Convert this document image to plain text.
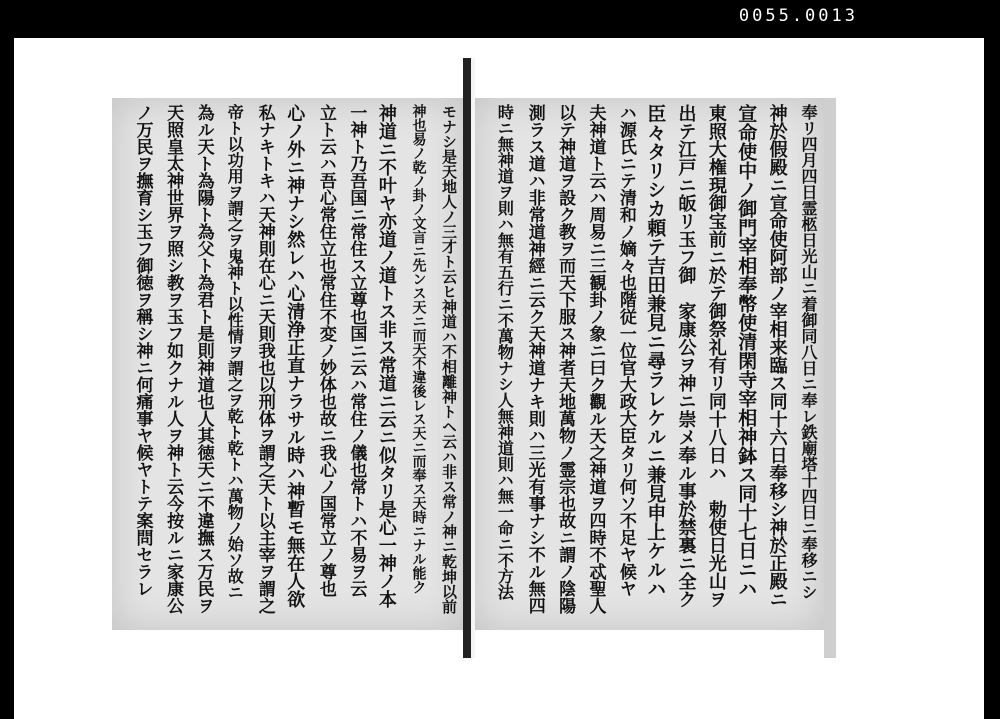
0055.0013
モナシ是天地人ノ三才ト云ヒ神道ハ不相離神トヘ云ハ非ス常ノ神ニ乾坤以前
神也易ノ乾ノ卦ノ文言ニ先ンス天ニ而天不違後レス天ニ而奉ス天時ニナル能ク
神道ニ不叶ヤ亦道ノ道トス非ス常道ニ云ニ似タリ是心一神ノ本
一神ト乃吾国ニ常住ス立尊也国ニ云ハ常住ノ儀也常トハ不易ヲ云
立ト云ハ吾心常住立也常住不変ノ妙体也故ニ我心ノ国常立ノ尊也
心ノ外ニ神ナシ然レハ心清浄正直ナラサル時ハ神暫モ無在人欲
私ナキトキハ天神則在心ニ天則我也以刑体ヲ謂之天ト以主宰ヲ謂之
帝ト以功用ヲ謂之ヲ鬼神ト以性情ヲ謂之ヲ乾ト乾トハ萬物ノ始ソ故ニ
為ル天ト為陽ト為父ト為君ト是則神道也人其徳天ニ不違撫ス万民ヲ
天照皇太神世界ヲ照シ教ヲ玉フ如クナル人ヲ神ト云今按ルニ家康公
ノ万民ヲ撫育シ玉フ御徳ヲ稱シ神ニ何痛事ヤ候ヤトテ案問セラレ	奉リ四月四日霊柩日光山ニ着御同八日ニ奉レ鉄廟塔十四日ニ奉移ニシ
神於假殿ニ宣命使阿部ノ宰相来臨ス同十六日奉移シ神於正殿ニ
宣命使中ノ御門宰相奉幣使清閑寺宰相神鉢ス同十七日ニハ
東照大権現御宝前ニ於テ御祭礼有リ同十八日ハ　勅使日光山ヲ
出テ江戸ニ皈リ玉フ御　家康公ヲ神ニ崇メ奉ル事於禁裏ニ全ク
臣々タリシカ頼テ吉田兼見ニ尋ラレケルニ兼見申上ケルハ
ハ源氏ニテ清和ノ嫡々也階従一位官大政大臣タリ何ソ不足ヤ候ヤ
夫神道ト云ハ周易ニ三観卦ノ象ニ曰ク觀ル天之神道ヲ四時不忒聖人
以テ神道ヲ設ク教ヲ而天下服ス神者天地萬物ノ霊宗也故ニ謂ノ陰陽
測ラス道ハ非常道神經ニ云ク天神道ナキ則ハ三光有事ナシ不ル無四
時ニ無神道ヲ則ハ無有五行ニ不萬物ナシ人無神道則ハ無一命ニ不方法
